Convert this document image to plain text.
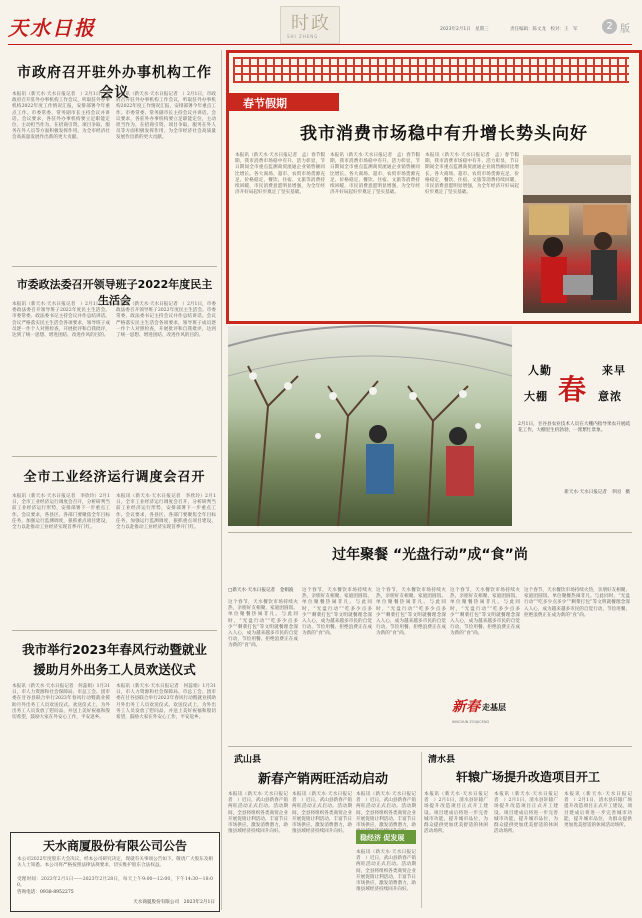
天水日报	时政
SHI ZHENG
2023年2月1日　星期三	责任编辑：陈文龙　校对：王　军	2 版
市政府召开驻外办事机构工作会议
本报讯（新天水·天水日报记者　）2月1日，市政府召开驻外办事机构工作会议，听取驻外办事机构2022年度工作情况汇报，安排部署今年重点工作。市委常委、常务副市长主持会议并讲话。会议要求，各驻外办事机构要立足职能定位，主动担当作为，在招商引资、项目争取、服务在外人员等方面积极发挥作用，为全市经济社会高质量发展作出新的更大贡献。
本报讯（新天水·天水日报记者　）2月1日，市政府召开驻外办事机构工作会议，听取驻外办事机构2022年度工作情况汇报，安排部署今年重点工作。市委常委、常务副市长主持会议并讲话。会议要求，各驻外办事机构要立足职能定位，主动担当作为，在招商引资、项目争取、服务在外人员等方面积极发挥作用，为全市经济社会高质量发展作出新的更大贡献。
市委政法委召开领导班子2022年度民主生活会
本报讯（新天水·天水日报记者　）2月1日，市委政法委召开领导班子2022年度民主生活会。市委常委、政法委书记主持会议并作总结讲话。会议严格落实民主生活会各项要求，领导班子成员逐一作个人对照检查，开展批评和自我批评，达到了统一思想、增进团结、改进作风的目的。
本报讯（新天水·天水日报记者　）2月1日，市委政法委召开领导班子2022年度民主生活会。市委常委、政法委书记主持会议并作总结讲话。会议严格落实民主生活会各项要求，领导班子成员逐一作个人对照检查，开展批评和自我批评，达到了统一思想、增进团结、改进作风的目的。
全市工业经济运行调度会召开
本报讯（新天水·天水日报记者　李欣玲）2月1日，全市工业经济运行调度会召开，分析研判当前工业经济运行形势，安排部署下一步重点工作。会议要求，各县区、各部门要聚焦全年目标任务，加强运行监测调度，狠抓重点项目建设，全力以赴推动工业经济实现首季开门红。
本报讯（新天水·天水日报记者　李欣玲）2月1日，全市工业经济运行调度会召开，分析研判当前工业经济运行形势，安排部署下一步重点工作。会议要求，各县区、各部门要聚焦全年目标任务，加强运行监测调度，狠抓重点项目建设，全力以赴推动工业经济实现首季开门红。
我市举行2023年春风行动暨就业
援助月外出务工人员欢送仪式
本报讯（新天水·天水日报记者　何蕊娟）1月31日，市人力资源和社会保障局、市总工会、团市委在甘谷县联合举行2023年春风行动暨就业援助月外出务工人员欢送仪式。欢送仪式上，为外出务工人员发放了慰问品，并送上美好祝福和殷切希望，鼓励大家在外安心工作，平安返乡。
本报讯（新天水·天水日报记者　何蕊娟）1月31日，市人力资源和社会保障局、市总工会、团市委在甘谷县联合举行2023年春风行动暨就业援助月外出务工人员欢送仪式。欢送仪式上，为外出务工人员发放了慰问品，并送上美好祝福和殷切希望，鼓励大家在外安心工作，平安返乡。
天水商厦股份有限公司公告
本公司2022年度股东大会决议，经本公司研究决定，现就有关事项公告如下。敬请广大股东及相关人士知悉。本公司将严格按照法律法规要求，切实维护股东合法权益。
受理时间：2023年2月1日——2023年2月28日，每天上午9:00—12:00，下午14:30—18:00。
咨询电话：0938-8952275
天水商厦股份有限公司　2023年2月1日
春节假期
我市消费市场稳中有升增长势头向好
本报讯（新天水·天水日报记者　孟）春节假期，我市消费市场稳中有升、活力彰显，节日期间全市重点监测商贸流通企业销售额同比增长。各大商场、超市、农贸市场货源充足、价格稳定，餐饮、住宿、文旅等消费持续回暖，市民消费意愿明显增强，为全年经济开好局起好步奠定了坚实基础。
本报讯（新天水·天水日报记者　孟）春节假期，我市消费市场稳中有升、活力彰显，节日期间全市重点监测商贸流通企业销售额同比增长。各大商场、超市、农贸市场货源充足、价格稳定，餐饮、住宿、文旅等消费持续回暖，市民消费意愿明显增强，为全年经济开好局起好步奠定了坚实基础。
本报讯（新天水·天水日报记者　孟）春节假期，我市消费市场稳中有升、活力彰显，节日期间全市重点监测商贸流通企业销售额同比增长。各大商场、超市、农贸市场货源充足、价格稳定，餐饮、住宿、文旅等消费持续回暖，市民消费意愿明显增强，为全年经济开好局起好步奠定了坚实基础。
人勤	来早
大棚 春 意浓
2月1日，甘谷县农业技术人员在大棚内指导果农开展疏花工作，大棚里生机勃勃，一派繁忙景象。
新天水·天水日报记者　李园　摄
过年聚餐 “光盘行动”成“食”尚
□新天水·天水日报记者　金娟波
这个春节，天水餐饮市场持续火热，亲朋好友相聚、家庭团圆饭、单位聚餐热闹非凡。与此同时，“光盘行动”“吃多少点多少”“剩菜打包”等文明就餐理念深入人心，成为越来越多市民的自觉行动，节俭用餐、拒绝浪费正在成为新的“食”尚。
这个春节，天水餐饮市场持续火热，亲朋好友相聚、家庭团圆饭、单位聚餐热闹非凡。与此同时，“光盘行动”“吃多少点多少”“剩菜打包”等文明就餐理念深入人心，成为越来越多市民的自觉行动，节俭用餐、拒绝浪费正在成为新的“食”尚。
这个春节，天水餐饮市场持续火热，亲朋好友相聚、家庭团圆饭、单位聚餐热闹非凡。与此同时，“光盘行动”“吃多少点多少”“剩菜打包”等文明就餐理念深入人心，成为越来越多市民的自觉行动，节俭用餐、拒绝浪费正在成为新的“食”尚。
这个春节，天水餐饮市场持续火热，亲朋好友相聚、家庭团圆饭、单位聚餐热闹非凡。与此同时，“光盘行动”“吃多少点多少”“剩菜打包”等文明就餐理念深入人心，成为越来越多市民的自觉行动，节俭用餐、拒绝浪费正在成为新的“食”尚。
这个春节，天水餐饮市场持续火热，亲朋好友相聚、家庭团圆饭、单位聚餐热闹非凡。与此同时，“光盘行动”“吃多少点多少”“剩菜打包”等文明就餐理念深入人心，成为越来越多市民的自觉行动，节俭用餐、拒绝浪费正在成为新的“食”尚。
新春 走基层
XINCHUN ZOUJICENG
武山县
新春产销两旺活动启动
本报讯（新天水·天水日报记者　）近日，武山县新春产销两旺活动正式启动。活动期间，全县将组织各类商贸企业开展促销让利活动，丰富节日市场供应，激发消费潜力，助推县域经济持续回升向好。
本报讯（新天水·天水日报记者　）近日，武山县新春产销两旺活动正式启动。活动期间，全县将组织各类商贸企业开展促销让利活动，丰富节日市场供应，激发消费潜力，助推县域经济持续回升向好。
本报讯（新天水·天水日报记者　）近日，武山县新春产销两旺活动正式启动。活动期间，全县将组织各类商贸企业开展促销让利活动，丰富节日市场供应，激发消费潜力，助
稳经济 促发展
本报讯（新天水·天水日报记者　）近日，武山县新春产销两旺活动正式启动。活动期间，全县将组织各类商贸企业开展促销让利活动，丰富节日市场供应，激发消费潜力，助推县域经济持续回升向好。
清水县
轩辕广场提升改造项目开工
本报讯（新天水·天水日报记者　）2月1日，清水县轩辕广场提升改造项目正式开工建设。项目建成后将进一步完善城市功能，提升城市品位，为群众提供更加优美舒适的休闲活动场所。
本报讯（新天水·天水日报记者　）2月1日，清水县轩辕广场提升改造项目正式开工建设。项目建成后将进一步完善城市功能，提升城市品位，为群众提供更加优美舒适的休闲活动场所。
本报讯（新天水·天水日报记者　）2月1日，清水县轩辕广场提升改造项目正式开工建设。项目建成后将进一步完善城市功能，提升城市品位，为群众提供更加优美舒适的休闲活动场所。
